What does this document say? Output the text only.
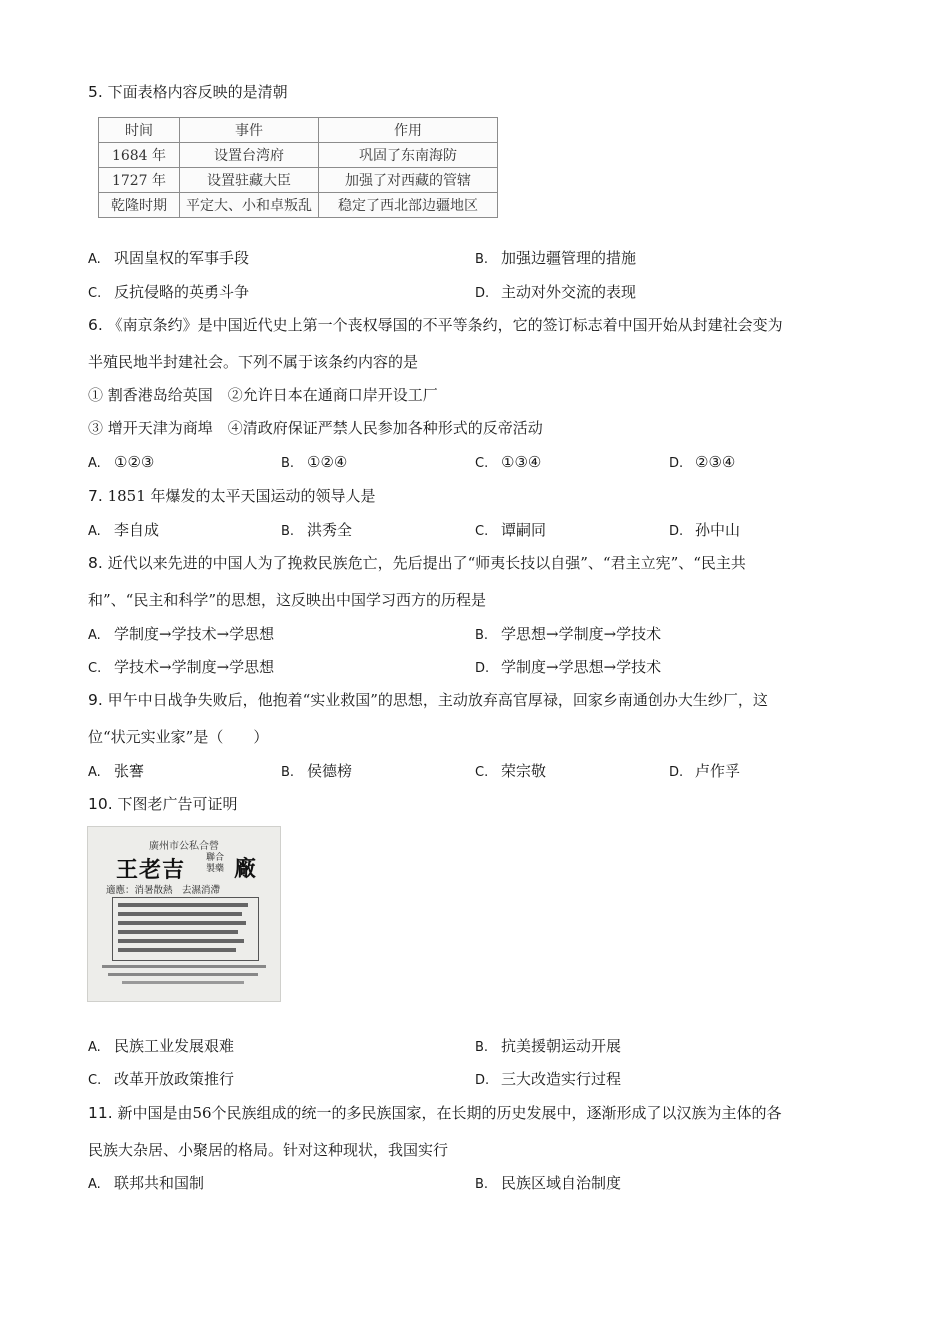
5. 下面表格内容反映的是清朝
时间	事件	作用
1684 年	设置台湾府	巩固了东南海防
1727 年	设置驻藏大臣	加强了对西藏的管辖
乾隆时期	平定大、小和卓叛乱	稳定了西北部边疆地区
A. 巩固皇权的军事手段	B. 加强边疆管理的措施
C. 反抗侵略的英勇斗争	D. 主动对外交流的表现
6. 《南京条约》是中国近代史上第一个丧权辱国的不平等条约，它的签订标志着中国开始从封建社会变为
半殖民地半封建社会。下列不属于该条约内容的是
① 割香港岛给英国　②允许日本在通商口岸开设工厂
③ 增开天津为商埠　④清政府保证严禁人民参加各种形式的反帝活动
A. ①②③	B. ①②④	C. ①③④	D. ②③④
7. 1851 年爆发的太平天国运动的领导人是
A. 李自成	B. 洪秀全	C. 谭嗣同	D. 孙中山
8. 近代以来先进的中国人为了挽救民族危亡，先后提出了“师夷长技以自强”、“君主立宪”、“民主共
和”、“民主和科学”的思想，这反映出中国学习西方的历程是
A. 学制度→学技术→学思想	B. 学思想→学制度→学技术
C. 学技术→学制度→学思想	D. 学制度→学思想→学技术
9. 甲午中日战争失败后，他抱着“实业救国”的思想，主动放弃高官厚禄，回家乡南通创办大生纱厂，这
位“状元实业家”是（　　）
A. 张謇	B. 侯德榜	C. 荣宗敬	D. 卢作孚
10. 下图老广告可证明
廣州市公私合營
王老吉 聯合
製藥 廠
適應：消暑散熱　去濕消滯
A. 民族工业发展艰难	B. 抗美援朝运动开展
C. 改革开放政策推行	D. 三大改造实行过程
11. 新中国是由56个民族组成的统一的多民族国家，在长期的历史发展中，逐渐形成了以汉族为主体的各
民族大杂居、小聚居的格局。针对这种现状，我国实行
A. 联邦共和国制	B. 民族区域自治制度
